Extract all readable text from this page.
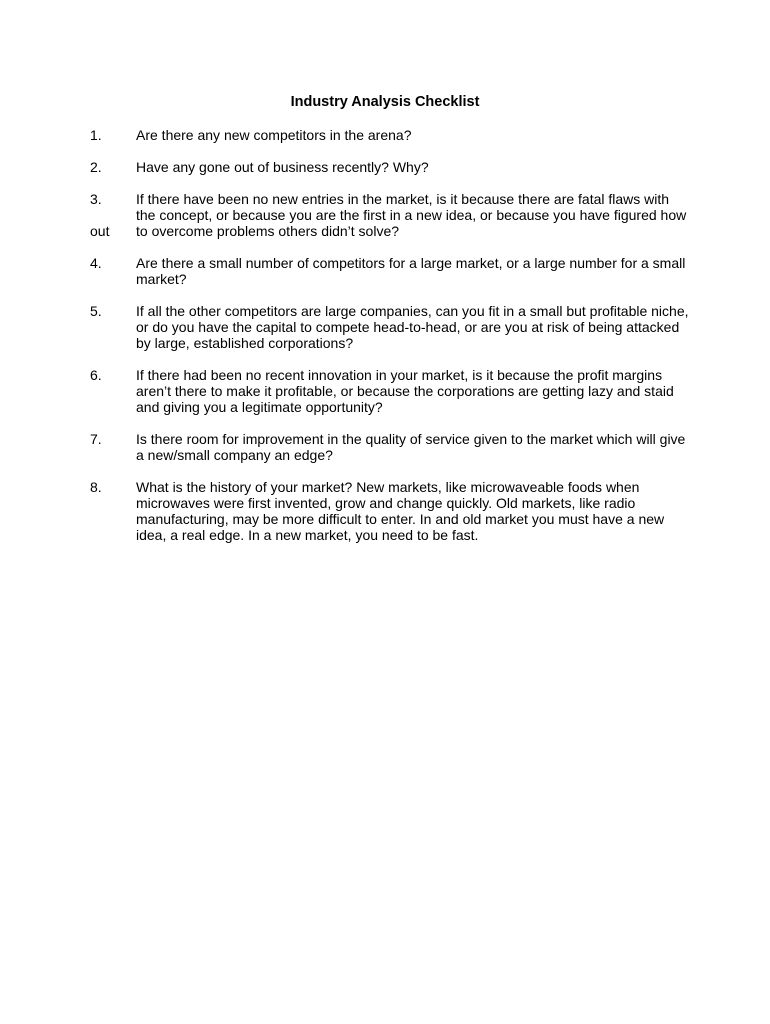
Industry Analysis Checklist
1. Are there any new competitors in the arena?
2. Have any gone out of business recently? Why?
3.
out
If there have been no new entries in the market, is it because there are fatal flaws with the concept, or because you are the first in a new idea, or because you have figured how to overcome problems others didn’t solve?
4. Are there a small number of competitors for a large market, or a large number for a small market?
5. If all the other competitors are large companies, can you fit in a small but profitable niche, or do you have the capital to compete head-to-head, or are you at risk of being attacked by large, established corporations?
6. If there had been no recent innovation in your market, is it because the profit margins aren’t there to make it profitable, or because the corporations are getting lazy and staid and giving you a legitimate opportunity?
7. Is there room for improvement in the quality of service given to the market which will give a new/small company an edge?
8. What is the history of your market? New markets, like microwaveable foods when microwaves were first invented, grow and change quickly. Old markets, like radio manufacturing, may be more difficult to enter. In and old market you must have a new idea, a real edge. In a new market, you need to be fast.
